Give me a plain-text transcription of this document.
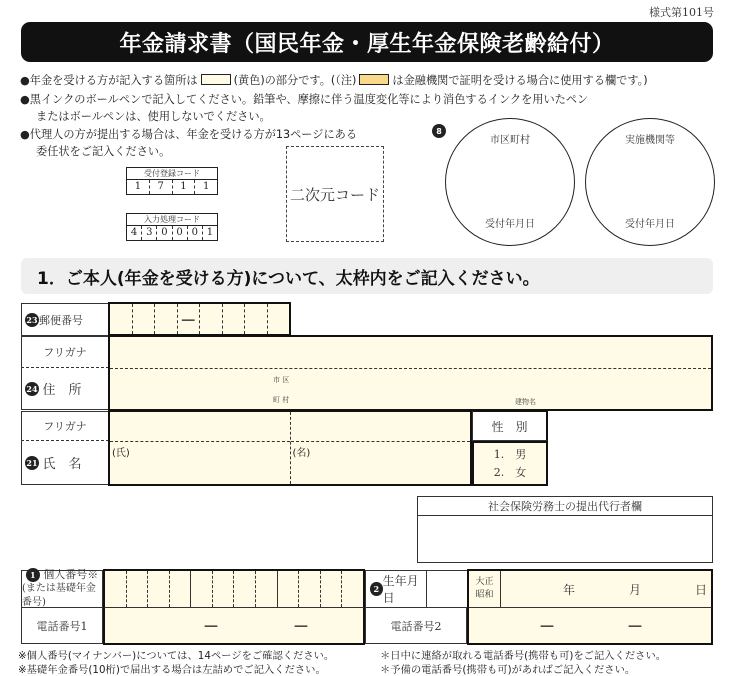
様式第101号
年金請求書（国民年金・厚生年金保険老齢給付）
●年金を受ける方が記入する箇所は	(黄色)の部分です。(（注)	は金融機関で証明を受ける場合に使用する欄です。)
●黒インクのボールペンで記入してください。鉛筆や、摩擦に伴う温度変化等により消色するインクを用いたペン
またはボールペンは、使用しないでください。
●代理人の方が提出する場合は、年金を受ける方が13ページにある
委任状をご記入ください。
受付登録コード
1	7	1	1
入力処理コード
4 3 0 0 0 1
二次元コード
8
市区町村
受付年月日
実施機関等
受付年月日
1．ご本人(年金を受ける方)について、太枠内をご記入ください。
23 郵便番号	－
フリガナ
24
住　所
市 区
町 村	建物名
フリガナ
21
氏　名
(氏)	(名)
性　別
1.　男
2.　女
社会保険労務士の提出代行者欄
1 個人番号※
(または基礎年金番号)
2
生年月日
大正
昭和	年	月	日
電話番号1	－	－	電話番号2	－	－
※個人番号(マイナンバー)については、14ページをご確認ください。
※基礎年金番号(10桁)で届出する場合は左詰めでご記入ください。
＊日中に連絡が取れる電話番号(携帯も可)をご記入ください。
＊予備の電話番号(携帯も可)があればご記入ください。
